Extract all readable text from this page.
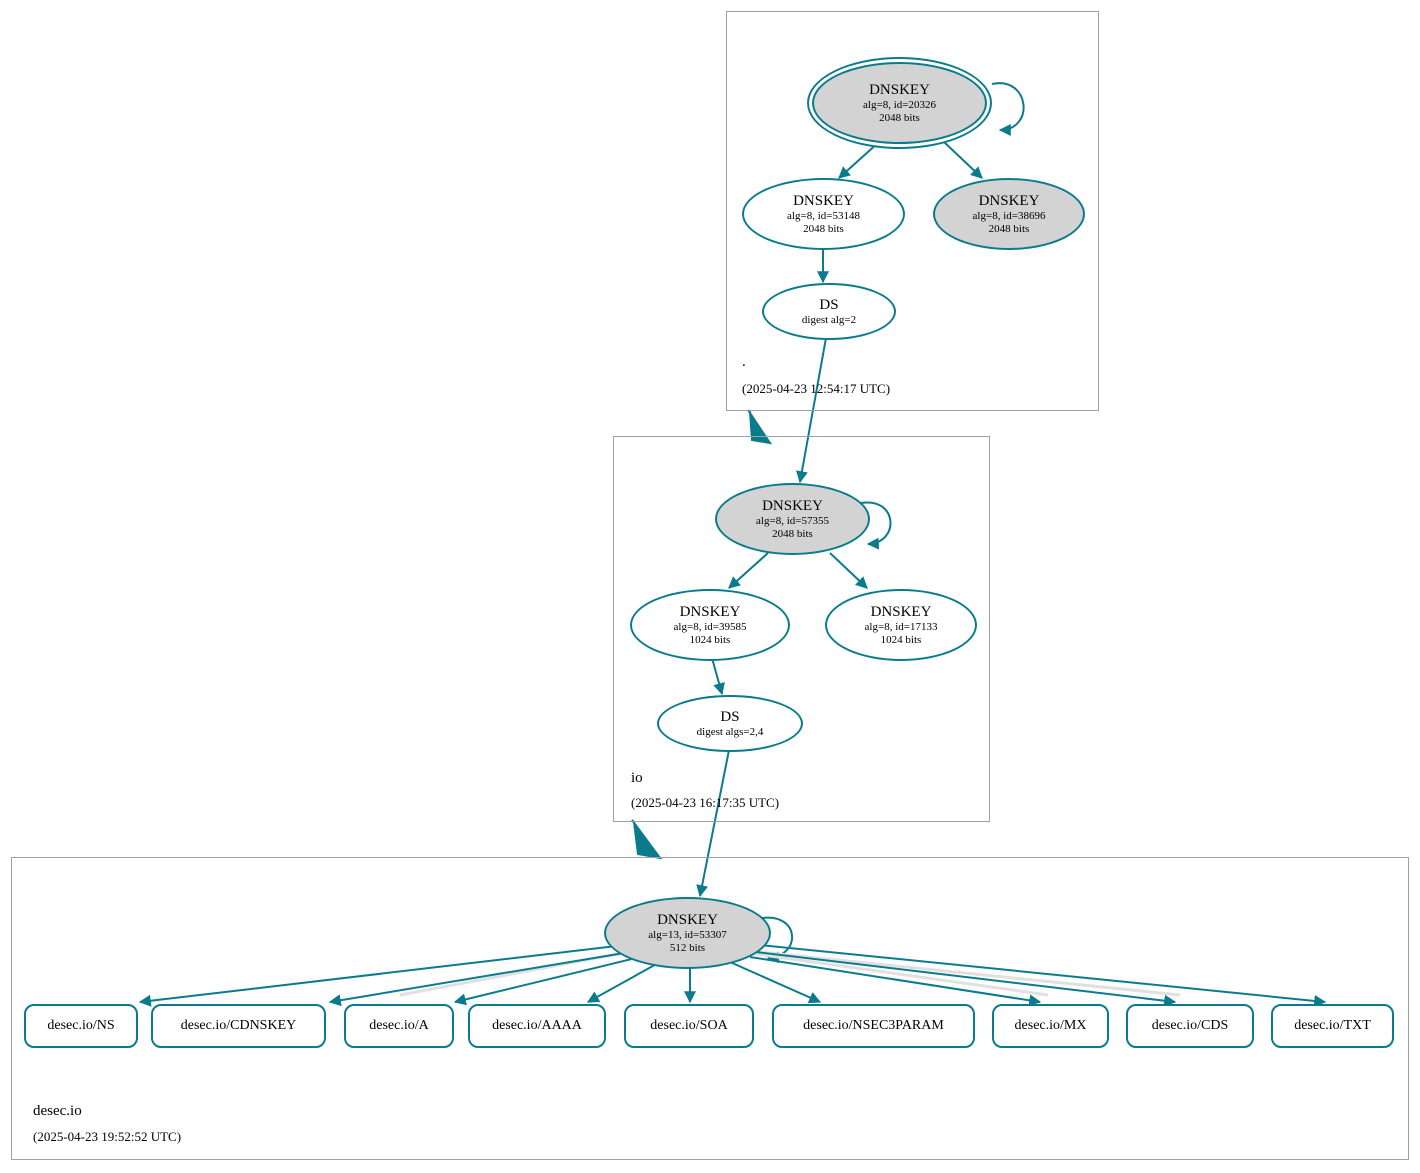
.
(2025-04-23 12:54:17 UTC)
io
(2025-04-23 16:17:35 UTC)
desec.io
(2025-04-23 19:52:52 UTC)
DNSKEY
alg=8, id=20326
2048 bits
DNSKEY
alg=8, id=53148
2048 bits
DNSKEY
alg=8, id=38696
2048 bits
DS
digest alg=2
DNSKEY
alg=8, id=57355
2048 bits
DNSKEY
alg=8, id=39585
1024 bits
DNSKEY
alg=8, id=17133
1024 bits
DS
digest algs=2,4
DNSKEY
alg=13, id=53307
512 bits
desec.io/NS	desec.io/CDNSKEY	desec.io/A	desec.io/AAAA	desec.io/SOA	desec.io/NSEC3PARAM	desec.io/MX	desec.io/CDS	desec.io/TXT
